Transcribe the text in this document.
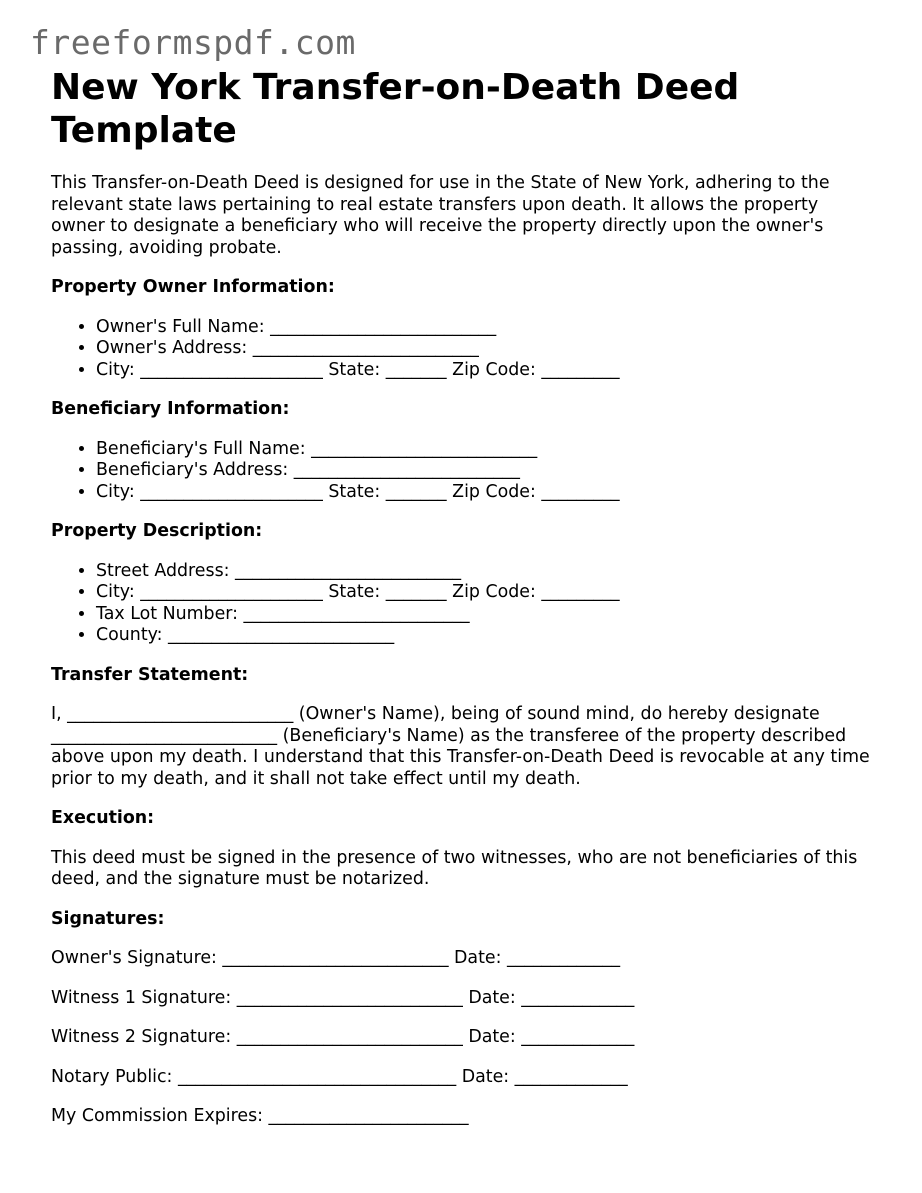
freeformspdf.com
New York Transfer-on-Death Deed Template

This Transfer-on-Death Deed is designed for use in the State of New York, adhering to the relevant state laws pertaining to real estate transfers upon death. It allows the property owner to designate a beneficiary who will receive the property directly upon the owner's passing, avoiding probate.

Property Owner Information:
• Owner's Full Name: __________________________
• Owner's Address: __________________________
• City: _____________________ State: _______ Zip Code: _________
Beneficiary Information:
• Beneficiary's Full Name: __________________________
• Beneficiary's Address: __________________________
• City: _____________________ State: _______ Zip Code: _________
Property Description:
• Street Address: __________________________
• City: _____________________ State: _______ Zip Code: _________
• Tax Lot Number: __________________________
• County: __________________________
Transfer Statement:

I, __________________________ (Owner's Name), being of sound mind, do hereby designate __________________________ (Beneficiary's Name) as the transferee of the property described above upon my death. I understand that this Transfer-on-Death Deed is revocable at any time prior to my death, and it shall not take effect until my death.

Execution:

This deed must be signed in the presence of two witnesses, who are not beneficiaries of this deed, and the signature must be notarized.

Signatures:
Owner's Signature: __________________________ Date: _____________
Witness 1 Signature: __________________________ Date: _____________
Witness 2 Signature: __________________________ Date: _____________
Notary Public: ________________________________ Date: _____________
My Commission Expires: _______________________
